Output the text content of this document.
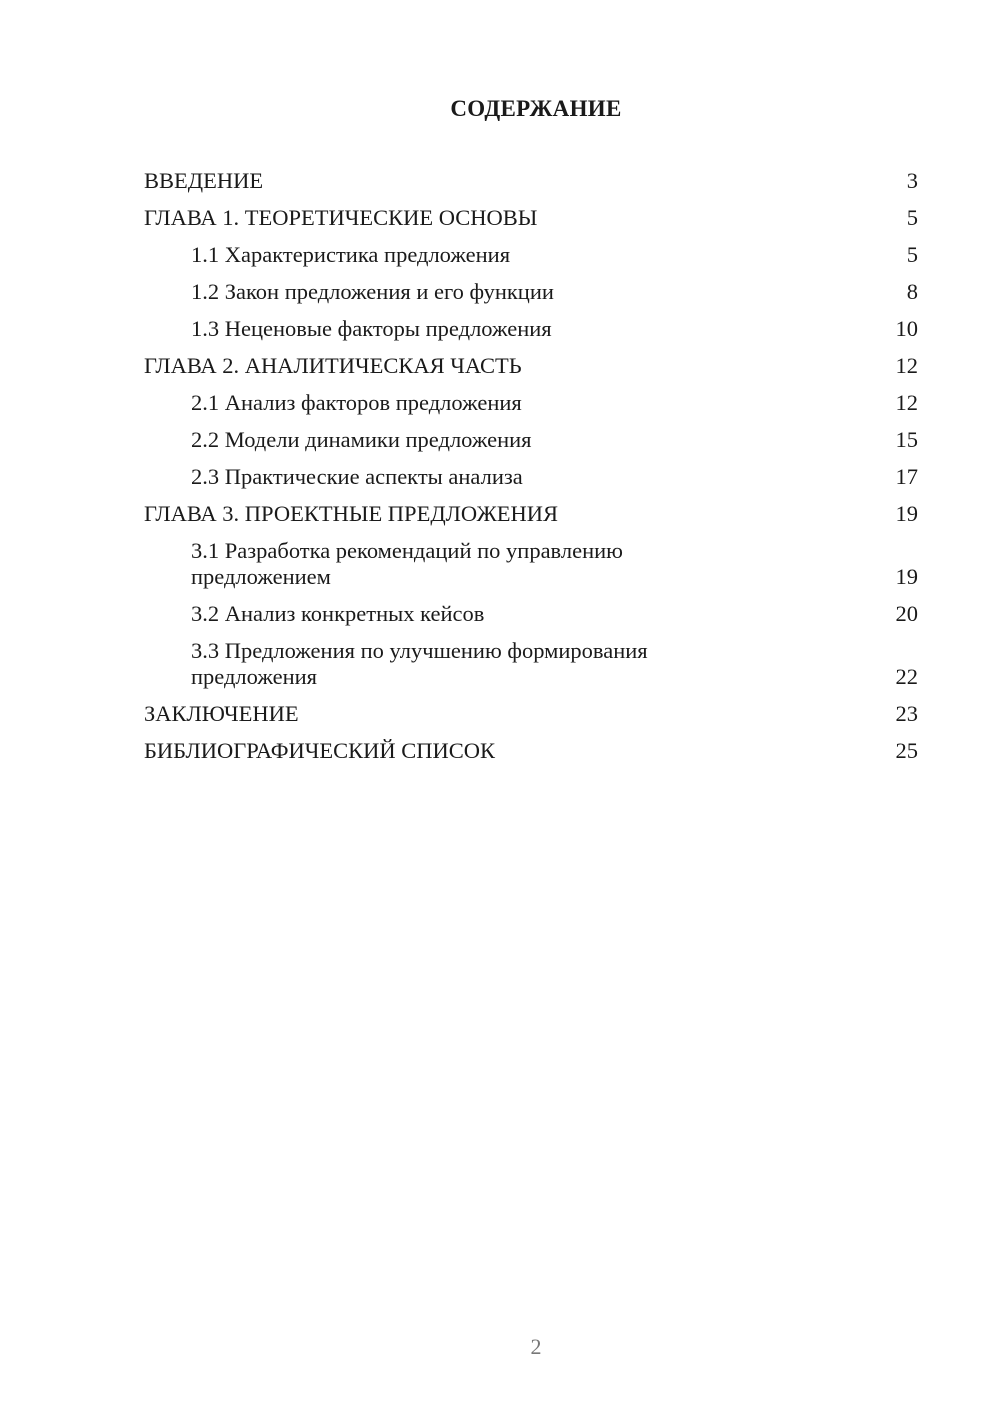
СОДЕРЖАНИЕ
ВВЕДЕНИЕ	3
ГЛАВА 1. ТЕОРЕТИЧЕСКИЕ ОСНОВЫ	5
1.1 Характеристика предложения	5
1.2 Закон предложения и его функции	8
1.3 Неценовые факторы предложения	10
ГЛАВА 2. АНАЛИТИЧЕСКАЯ ЧАСТЬ	12
2.1 Анализ факторов предложения	12
2.2 Модели динамики предложения	15
2.3 Практические аспекты анализа	17
ГЛАВА 3. ПРОЕКТНЫЕ ПРЕДЛОЖЕНИЯ	19
3.1 Разработка рекомендаций по управлению предложением	19
3.2 Анализ конкретных кейсов	20
3.3 Предложения по улучшению формирования предложения	22
ЗАКЛЮЧЕНИЕ	23
БИБЛИОГРАФИЧЕСКИЙ СПИСОК	25
2
